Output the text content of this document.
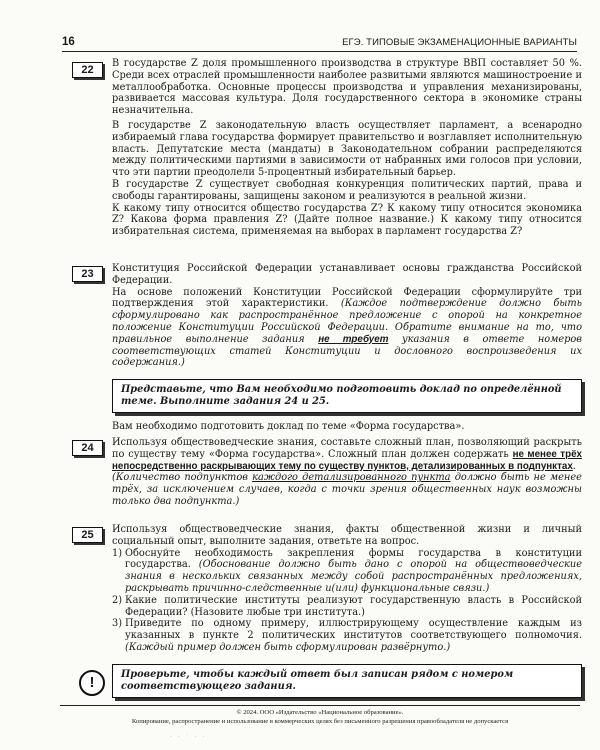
16	ЕГЭ. ТИПОВЫЕ ЭКЗАМЕНАЦИОННЫЕ ВАРИАНТЫ
22

В государстве Z доля промышленного производства в структуре ВВП составляет 50 %. Среди всех отраслей промышленности наиболее развитыми являются машиностроение и металлообработка. Основные процессы производства и управления механизированы, развивается массовая культура. Доля государственного сектора в экономике страны незначительна.

В государстве Z законодательную власть осуществляет парламент, а всенародно избираемый глава государства формирует правительство и возглавляет исполнительную власть. Депутатские места (мандаты) в Законодательном собрании распределяются между политическими партиями в зависимости от набранных ими голосов при условии, что эти партии преодолели 5-процентный избирательный барьер.

В государстве Z существует свободная конкуренция политических партий, права и свободы гарантированы, защищены законом и реализуются в реальной жизни.

К какому типу относится общество государства Z? К какому типу относится экономика Z? Какова форма правления Z? (Дайте полное название.) К какому типу относится избирательная система, применяемая на выборах в парламент государства Z?

23	Конституция Российской Федерации устанавливает основы гражданства Российской Федерации.

На основе положений Конституции Российской Федерации сформулируйте три подтверждения этой характеристики. (Каждое подтверждение должно быть сформулировано как распространённое предложение с опорой на конкретное положение Конституции Российской Федерации. Обратите внимание на то, что правильное выполнение задания не требует указания в ответе номеров соответствующих статей Конституции и дословного воспроизведения их содержания.)

Представьте, что Вам необходимо подготовить доклад по определённой теме. Выполните задания 24 и 25.

Вам необходимо подготовить доклад по теме «Форма государства».

24	Используя обществоведческие знания, составьте сложный план, позволяющий раскрыть по существу тему «Форма государства». Сложный план должен содержать не менее трёх непосредственно раскрывающих тему по существу пунктов, детализированных в подпунктах.

(Количество подпунктов каждого детализированного пункта должно быть не менее трёх, за исключением случаев, когда с точки зрения общественных наук возможны только два подпункта.)

25	Используя обществоведческие знания, факты общественной жизни и личный социальный опыт, выполните задания, ответьте на вопрос.

1) Обоснуйте необходимость закрепления формы государства в конституции государства. (Обоснование должно быть дано с опорой на обществоведческие знания в нескольких связанных между собой распространённых предложениях, раскрывать причинно-следственные и(или) функциональные связи.)
2) Какие политические институты реализуют государственную власть в Российской Федерации? (Назовите любые три института.)
3) Приведите по одному примеру, иллюстрирующему осуществление каждым из указанных в пункте 2 политических институтов соответствующего полномочия. (Каждый пример должен быть сформулирован развёрнуто.)
!	Проверьте, чтобы каждый ответ был записан рядом с номером соответствующего задания.
© 2024. ООО «Издательство «Национальное образование».
Копирование, распространение и использование в коммерческих целях без письменного разрешения правообладателя не допускается
· · ˙ · ·
